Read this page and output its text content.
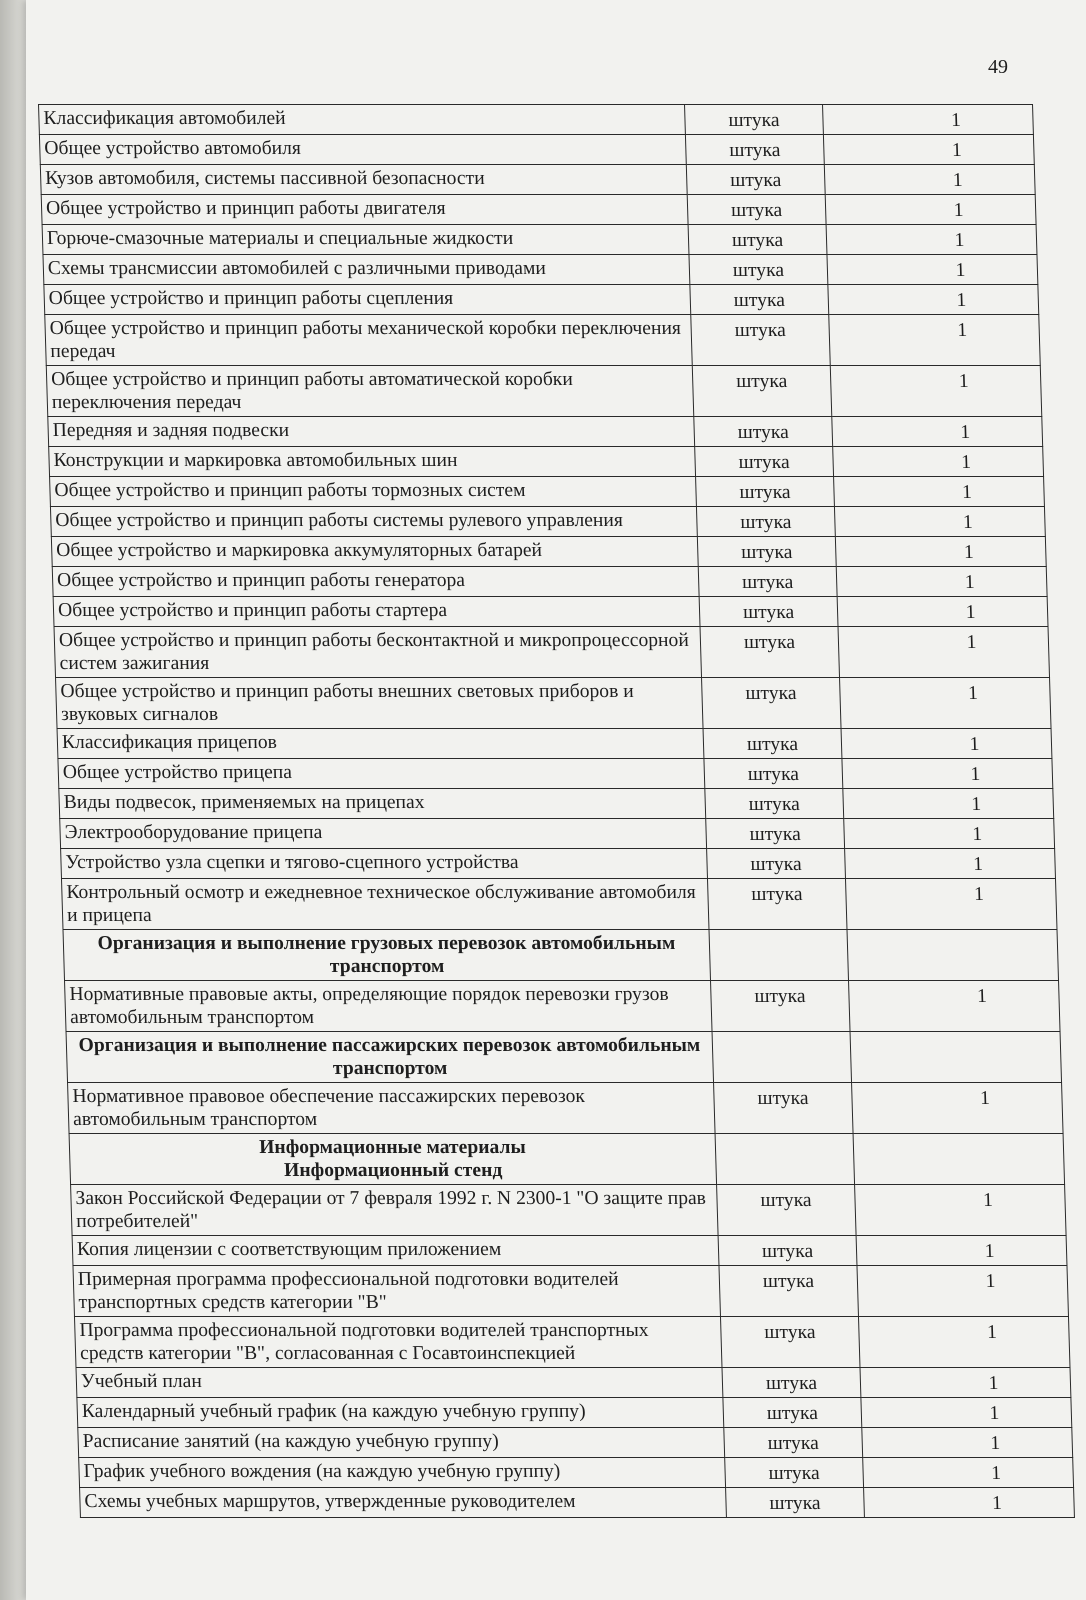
49
Классификация автомобилей	штука	1

Общее устройство автомобиля	штука	1

Кузов автомобиля, системы пассивной безопасности	штука	1

Общее устройство и принцип работы двигателя	штука	1

Горюче-смазочные материалы и специальные жидкости	штука	1

Схемы трансмиссии автомобилей с различными приводами	штука	1

Общее устройство и принцип работы сцепления	штука	1

Общее устройство и принцип работы механической коробки переключения передач	штука	1

Общее устройство и принцип работы автоматической коробки переключения передач	штука	1

Передняя и задняя подвески	штука	1

Конструкции и маркировка автомобильных шин	штука	1

Общее устройство и принцип работы тормозных систем	штука	1

Общее устройство и принцип работы системы рулевого управления	штука	1

Общее устройство и маркировка аккумуляторных батарей	штука	1

Общее устройство и принцип работы генератора	штука	1

Общее устройство и принцип работы стартера	штука	1

Общее устройство и принцип работы бесконтактной и микропроцессорной систем зажигания	штука	1

Общее устройство и принцип работы внешних световых приборов и звуковых сигналов	штука	1

Классификация прицепов	штука	1

Общее устройство прицепа	штука	1

Виды подвесок, применяемых на прицепах	штука	1

Электрооборудование прицепа	штука	1

Устройство узла сцепки и тягово-сцепного устройства	штука	1

Контрольный осмотр и ежедневное техническое обслуживание автомобиля и прицепа	штука	1

Организация и выполнение грузовых перевозок автомобильным транспортом		

Нормативные правовые акты, определяющие порядок перевозки грузов автомобильным транспортом	штука	1

Организация и выполнение пассажирских перевозок автомобильным транспортом		

Нормативное правовое обеспечение пассажирских перевозок автомобильным транспортом	штука	1

Информационные материалы
Информационный стенд		

Закон Российской Федерации от 7 февраля 1992 г. N 2300-1 "О защите прав потребителей"	штука	1

Копия лицензии с соответствующим приложением	штука	1

Примерная программа профессиональной подготовки водителей транспортных средств категории "B"	штука	1

Программа профессиональной подготовки водителей транспортных средств категории "B", согласованная с Госавтоинспекцией	штука	1

Учебный план	штука	1

Календарный учебный график (на каждую учебную группу)	штука	1

Расписание занятий (на каждую учебную группу)	штука	1

График учебного вождения (на каждую учебную группу)	штука	1

Схемы учебных маршрутов, утвержденные руководителем	штука	1
